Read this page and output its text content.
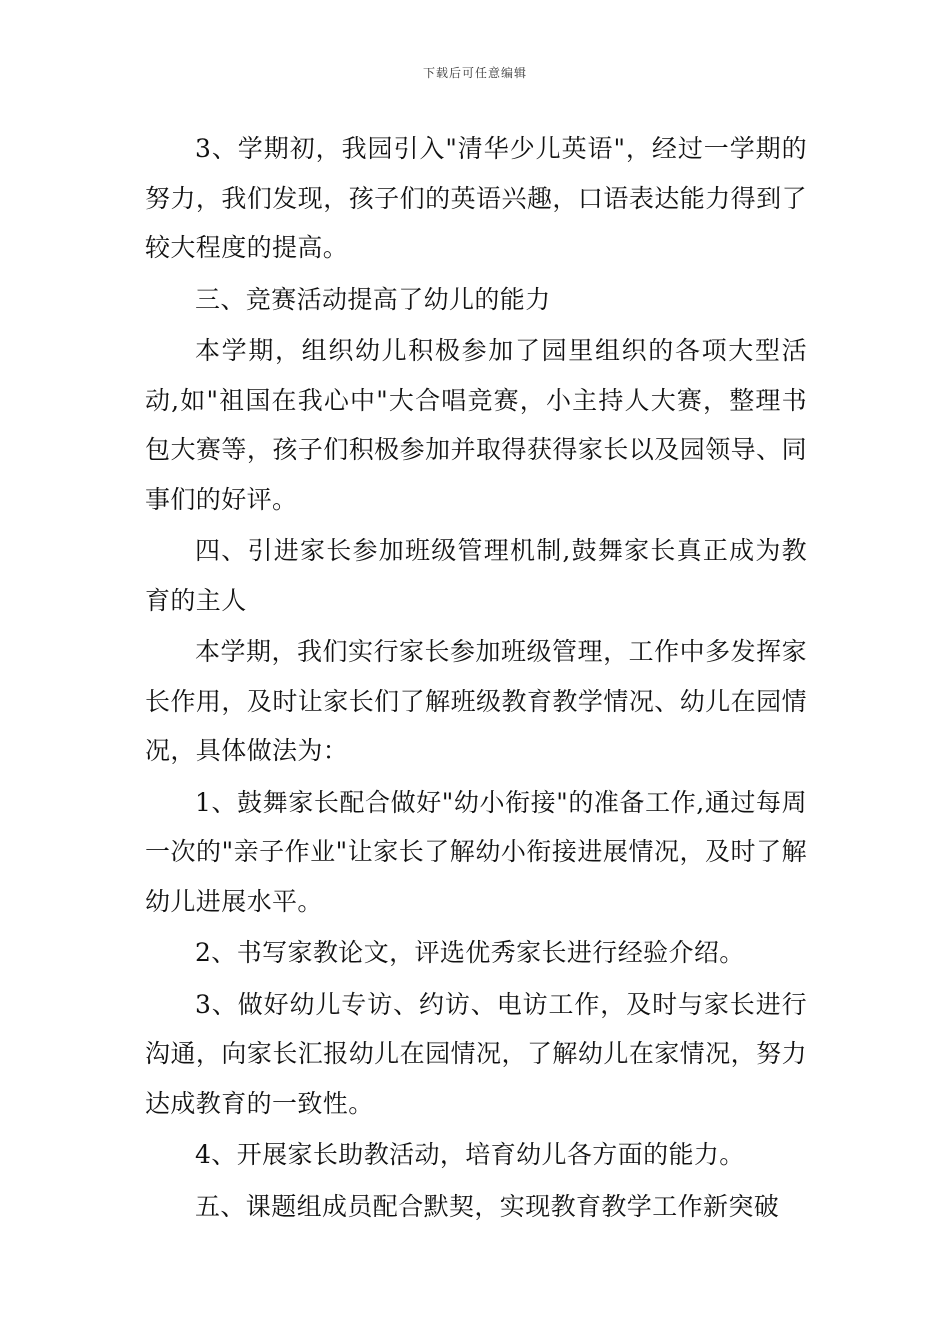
下载后可任意编辑

3、学期初，我园引入"清华少儿英语"，经过一学期的努力，我们发现，孩子们的英语兴趣，口语表达能力得到了较大程度的提高。

三、竞赛活动提高了幼儿的能力

本学期，组织幼儿积极参加了园里组织的各项大型活动,如"祖国在我心中"大合唱竞赛，小主持人大赛，整理书包大赛等，孩子们积极参加并取得获得家长以及园领导、同事们的好评。

四、引进家长参加班级管理机制,鼓舞家长真正成为教育的主人

本学期，我们实行家长参加班级管理，工作中多发挥家长作用，及时让家长们了解班级教育教学情况、幼儿在园情况，具体做法为：

1、鼓舞家长配合做好"幼小衔接"的准备工作,通过每周一次的"亲子作业"让家长了解幼小衔接进展情况，及时了解幼儿进展水平。

2、书写家教论文，评选优秀家长进行经验介绍。

3、做好幼儿专访、约访、电访工作，及时与家长进行沟通，向家长汇报幼儿在园情况，了解幼儿在家情况，努力达成教育的一致性。

4、开展家长助教活动，培育幼儿各方面的能力。

五、课题组成员配合默契，实现教育教学工作新突破
